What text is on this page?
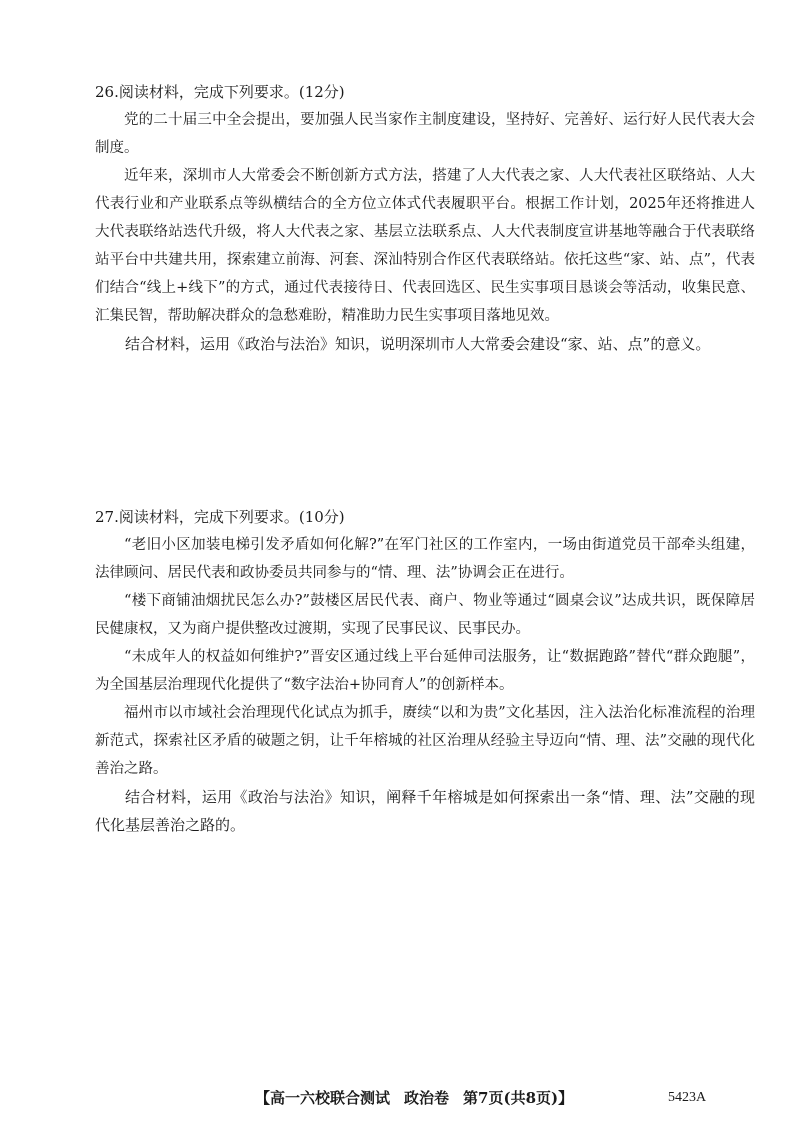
26.阅读材料，完成下列要求。(12分)

党的二十届三中全会提出，要加强人民当家作主制度建设，坚持好、完善好、运行好人民代表大会制度。

近年来，深圳市人大常委会不断创新方式方法，搭建了人大代表之家、人大代表社区联络站、人大代表行业和产业联系点等纵横结合的全方位立体式代表履职平台。根据工作计划，2025年还将推进人大代表联络站迭代升级，将人大代表之家、基层立法联系点、人大代表制度宣讲基地等融合于代表联络站平台中共建共用，探索建立前海、河套、深汕特别合作区代表联络站。依托这些“家、站、点”，代表们结合“线上+线下”的方式，通过代表接待日、代表回选区、民生实事项目恳谈会等活动，收集民意、汇集民智，帮助解决群众的急愁难盼，精准助力民生实事项目落地见效。

结合材料，运用《政治与法治》知识，说明深圳市人大常委会建设“家、站、点”的意义。

27.阅读材料，完成下列要求。(10分)

“老旧小区加装电梯引发矛盾如何化解?”在军门社区的工作室内，一场由街道党员干部牵头组建，法律顾问、居民代表和政协委员共同参与的“情、理、法”协调会正在进行。

“楼下商铺油烟扰民怎么办?”鼓楼区居民代表、商户、物业等通过“圆桌会议”达成共识，既保障居民健康权，又为商户提供整改过渡期，实现了民事民议、民事民办。

“未成年人的权益如何维护?”晋安区通过线上平台延伸司法服务，让“数据跑路”替代“群众跑腿”，为全国基层治理现代化提供了“数字法治+协同育人”的创新样本。

福州市以市域社会治理现代化试点为抓手，赓续“以和为贵”文化基因，注入法治化标准流程的治理新范式，探索社区矛盾的破题之钥，让千年榕城的社区治理从经验主导迈向“情、理、法”交融的现代化善治之路。

结合材料，运用《政治与法治》知识，阐释千年榕城是如何探索出一条“情、理、法”交融的现代化基层善治之路的。

【高一六校联合测试 政治卷 第7页(共8页)】	5423A
